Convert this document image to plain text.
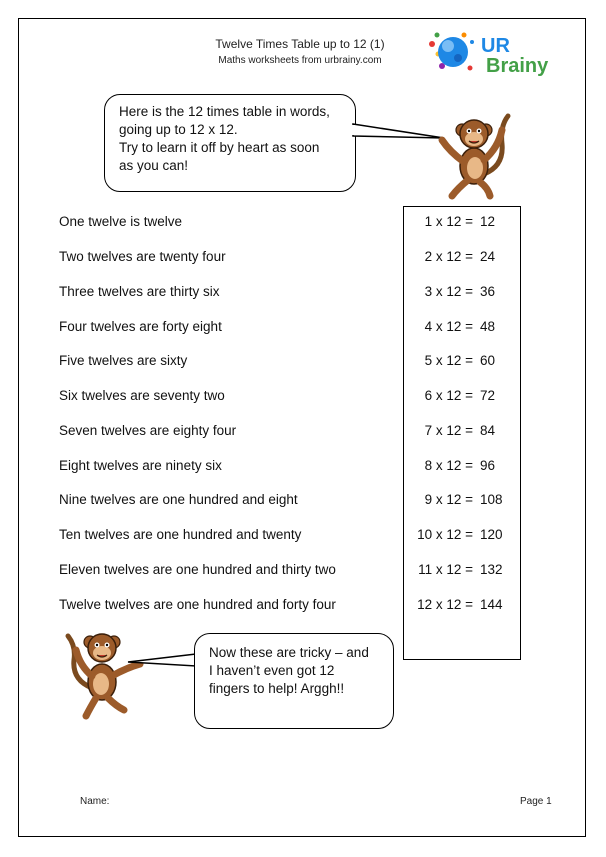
Twelve Times Table up to 12 (1)
Maths worksheets from urbrainy.com
UR
Brainy
Here is the 12 times table in words,
going up to 12 x 12.
Try to learn it off by heart as soon
as you can!
One twelve is twelve
Two twelves are twenty four
Three twelves are thirty six
Four twelves are forty eight
Five twelves are sixty
Six twelves are seventy two
Seven twelves are eighty four
Eight twelves are ninety six
Nine twelves are one hundred and eight
Ten twelves are one hundred and twenty
Eleven twelves are one hundred and thirty two
Twelve twelves are one hundred and forty four
1 x 12 =
2 x 12 =
3 x 12 =
4 x 12 =
5 x 12 =
6 x 12 =
7 x 12 =
8 x 12 =
9 x 12 =
10 x 12 =
11 x 12 =
12 x 12 =
12
24
36
48
60
72
84
96
108
120
132
144
Now these are tricky – and
I haven’t even got 12
fingers to help! Arggh!!
Name:	Page 1
